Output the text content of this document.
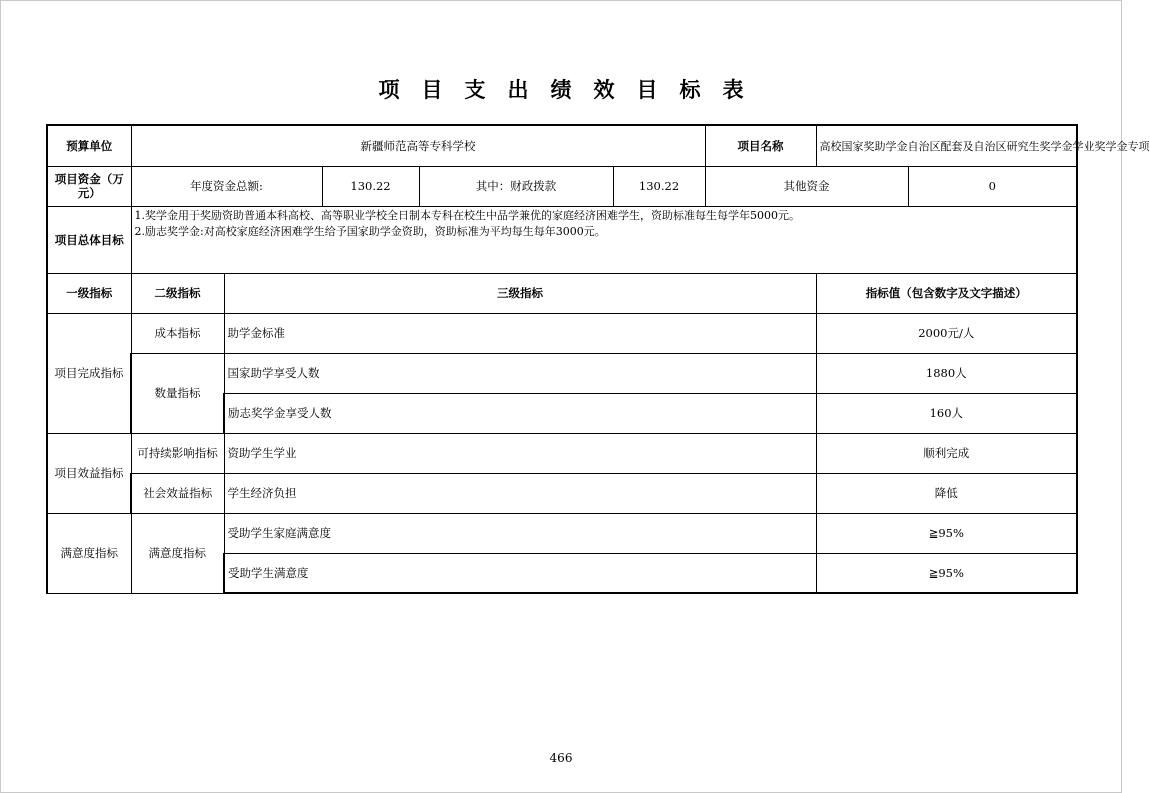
项目支出绩效目标表
预算单位	新疆师范高等专科学校					项目名称	高校国家奖助学金自治区配套及自治区研究生奖学金学业奖学金专项	
项目资金（万元）	年度资金总额:		130.22	其中：财政拨款	130.22	其他资金		0
项目总体目标	1.奖学金用于奖励资助普通本科高校、高等职业学校全日制本专科在校生中品学兼优的家庭经济困难学生，资助标准每生每学年5000元。
2.励志奖学金:对高校家庭经济困难学生给予国家助学金资助，资助标准为平均每生每年3000元。							

一级指标	二级指标	三级指标					指标值（包含数字及文字描述）	
项目完成指标	成本指标	助学金标准					2000元/人	
	数量指标	国家助学享受人数					1880人	
		励志奖学金享受人数					160人	
项目效益指标	可持续影响指标	资助学生学业					顺利完成	
	社会效益指标	学生经济负担					降低	
满意度指标	满意度指标	受助学生家庭满意度					≧95%	
		受助学生满意度					≧95%	
466
